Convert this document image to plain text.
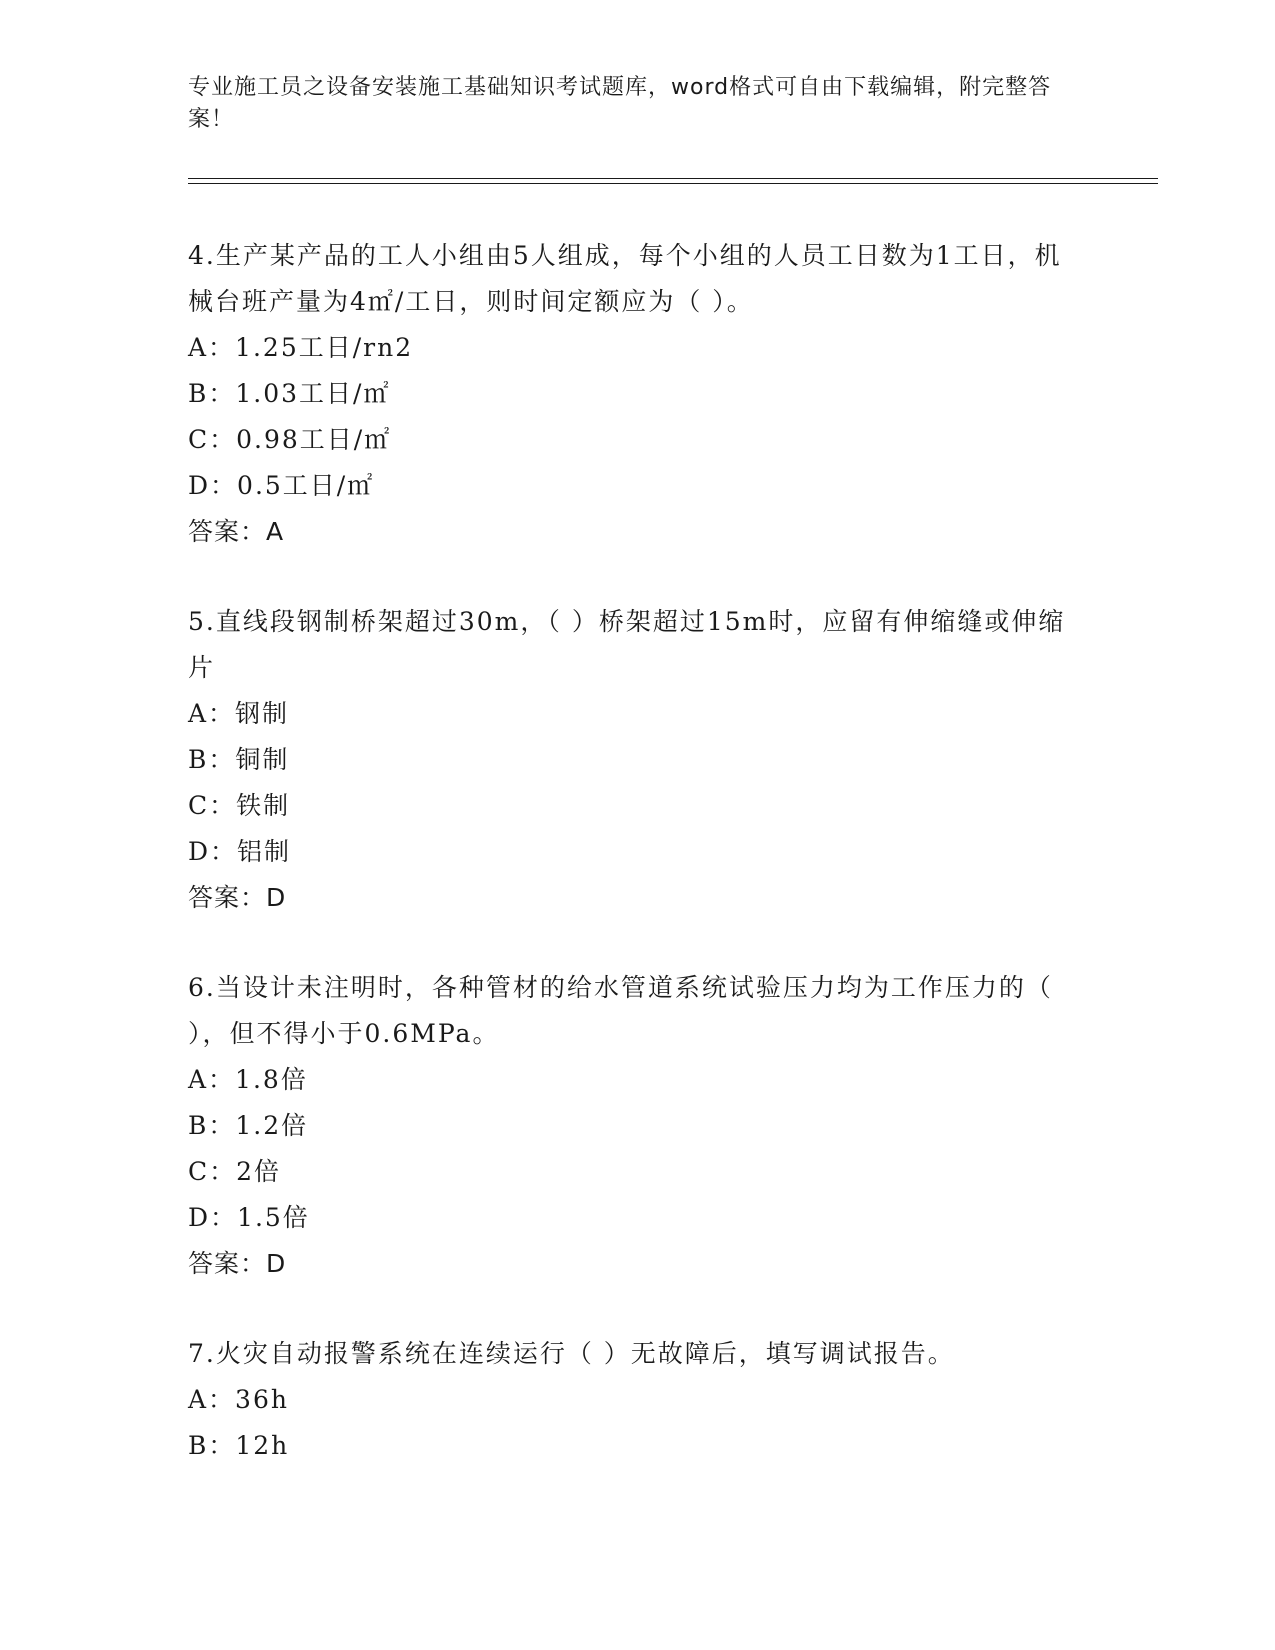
专业施工员之设备安装施工基础知识考试题库，word格式可自由下载编辑，附完整答案！

4.生产某产品的工人小组由5人组成，每个小组的人员工日数为1工日，机械台班产量为4㎡/工日，则时间定额应为（ ）。

A：1.25工日/rn2

B：1.03工日/㎡

C：0.98工日/㎡

D：0.5工日/㎡

答案：A

5.直线段钢制桥架超过30m，（ ）桥架超过15m时，应留有伸缩缝或伸缩片

A：钢制

B：铜制

C：铁制

D：铝制

答案：D

6.当设计未注明时，各种管材的给水管道系统试验压力均为工作压力的（ ），但不得小于0.6MPa。

A：1.8倍

B：1.2倍

C：2倍

D：1.5倍

答案：D

7.火灾自动报警系统在连续运行（ ）无故障后，填写调试报告。

A：36h

B：12h
